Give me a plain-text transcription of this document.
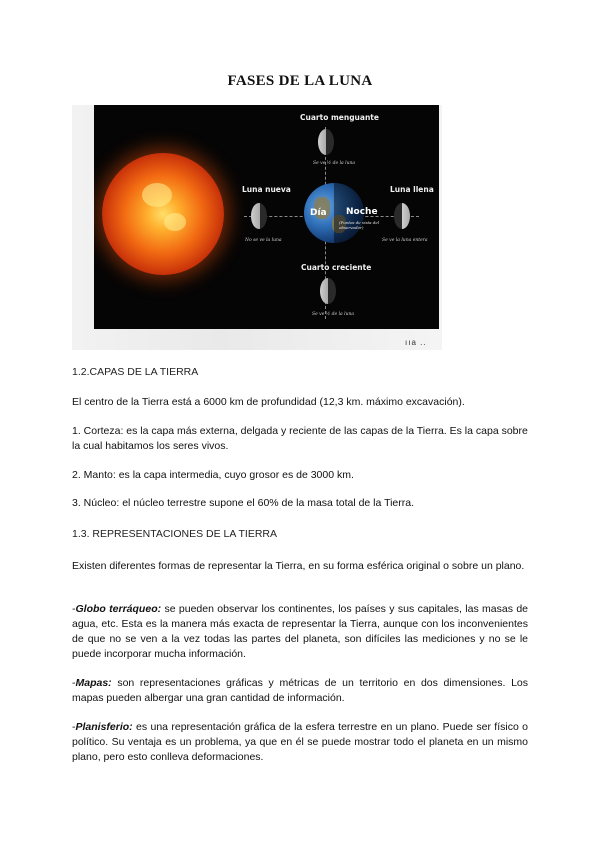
FASES DE LA LUNA
Cuarto menguante
Se ve ½ de la luna
Luna nueva
No se ve la luna
Día Noche
(Puntos de vista del observador)
Luna llena
Se ve la luna entera
Cuarto creciente
Se ve ½ de la luna
ııa ..
1.2.CAPAS DE LA TIERRA
El centro de la Tierra está a 6000 km de profundidad (12,3 km. máximo excavación).
1. Corteza: es la capa más externa, delgada y reciente de las capas de la Tierra. Es la capa sobre la cual habitamos los seres vivos.
2. Manto: es la capa intermedia, cuyo grosor es de 3000 km.
3. Núcleo: el núcleo terrestre supone el 60% de la masa total de la Tierra.
1.3. REPRESENTACIONES DE LA TIERRA
Existen diferentes formas de representar la Tierra, en su forma esférica original o sobre un plano.
-Globo terráqueo: se pueden observar los continentes, los países y sus capitales, las masas de agua, etc. Esta es la manera más exacta de representar la Tierra, aunque con los inconvenientes de que no se ven a la vez todas las partes del planeta, son difíciles las mediciones y no se le puede incorporar mucha información.
-Mapas: son representaciones gráficas y métricas de un territorio en dos dimensiones. Los mapas pueden albergar una gran cantidad de información.
-Planisferio: es una representación gráfica de la esfera terrestre en un plano. Puede ser físico o político. Su ventaja es un problema, ya que en él se puede mostrar todo el planeta en un mismo plano, pero esto conlleva deformaciones.
